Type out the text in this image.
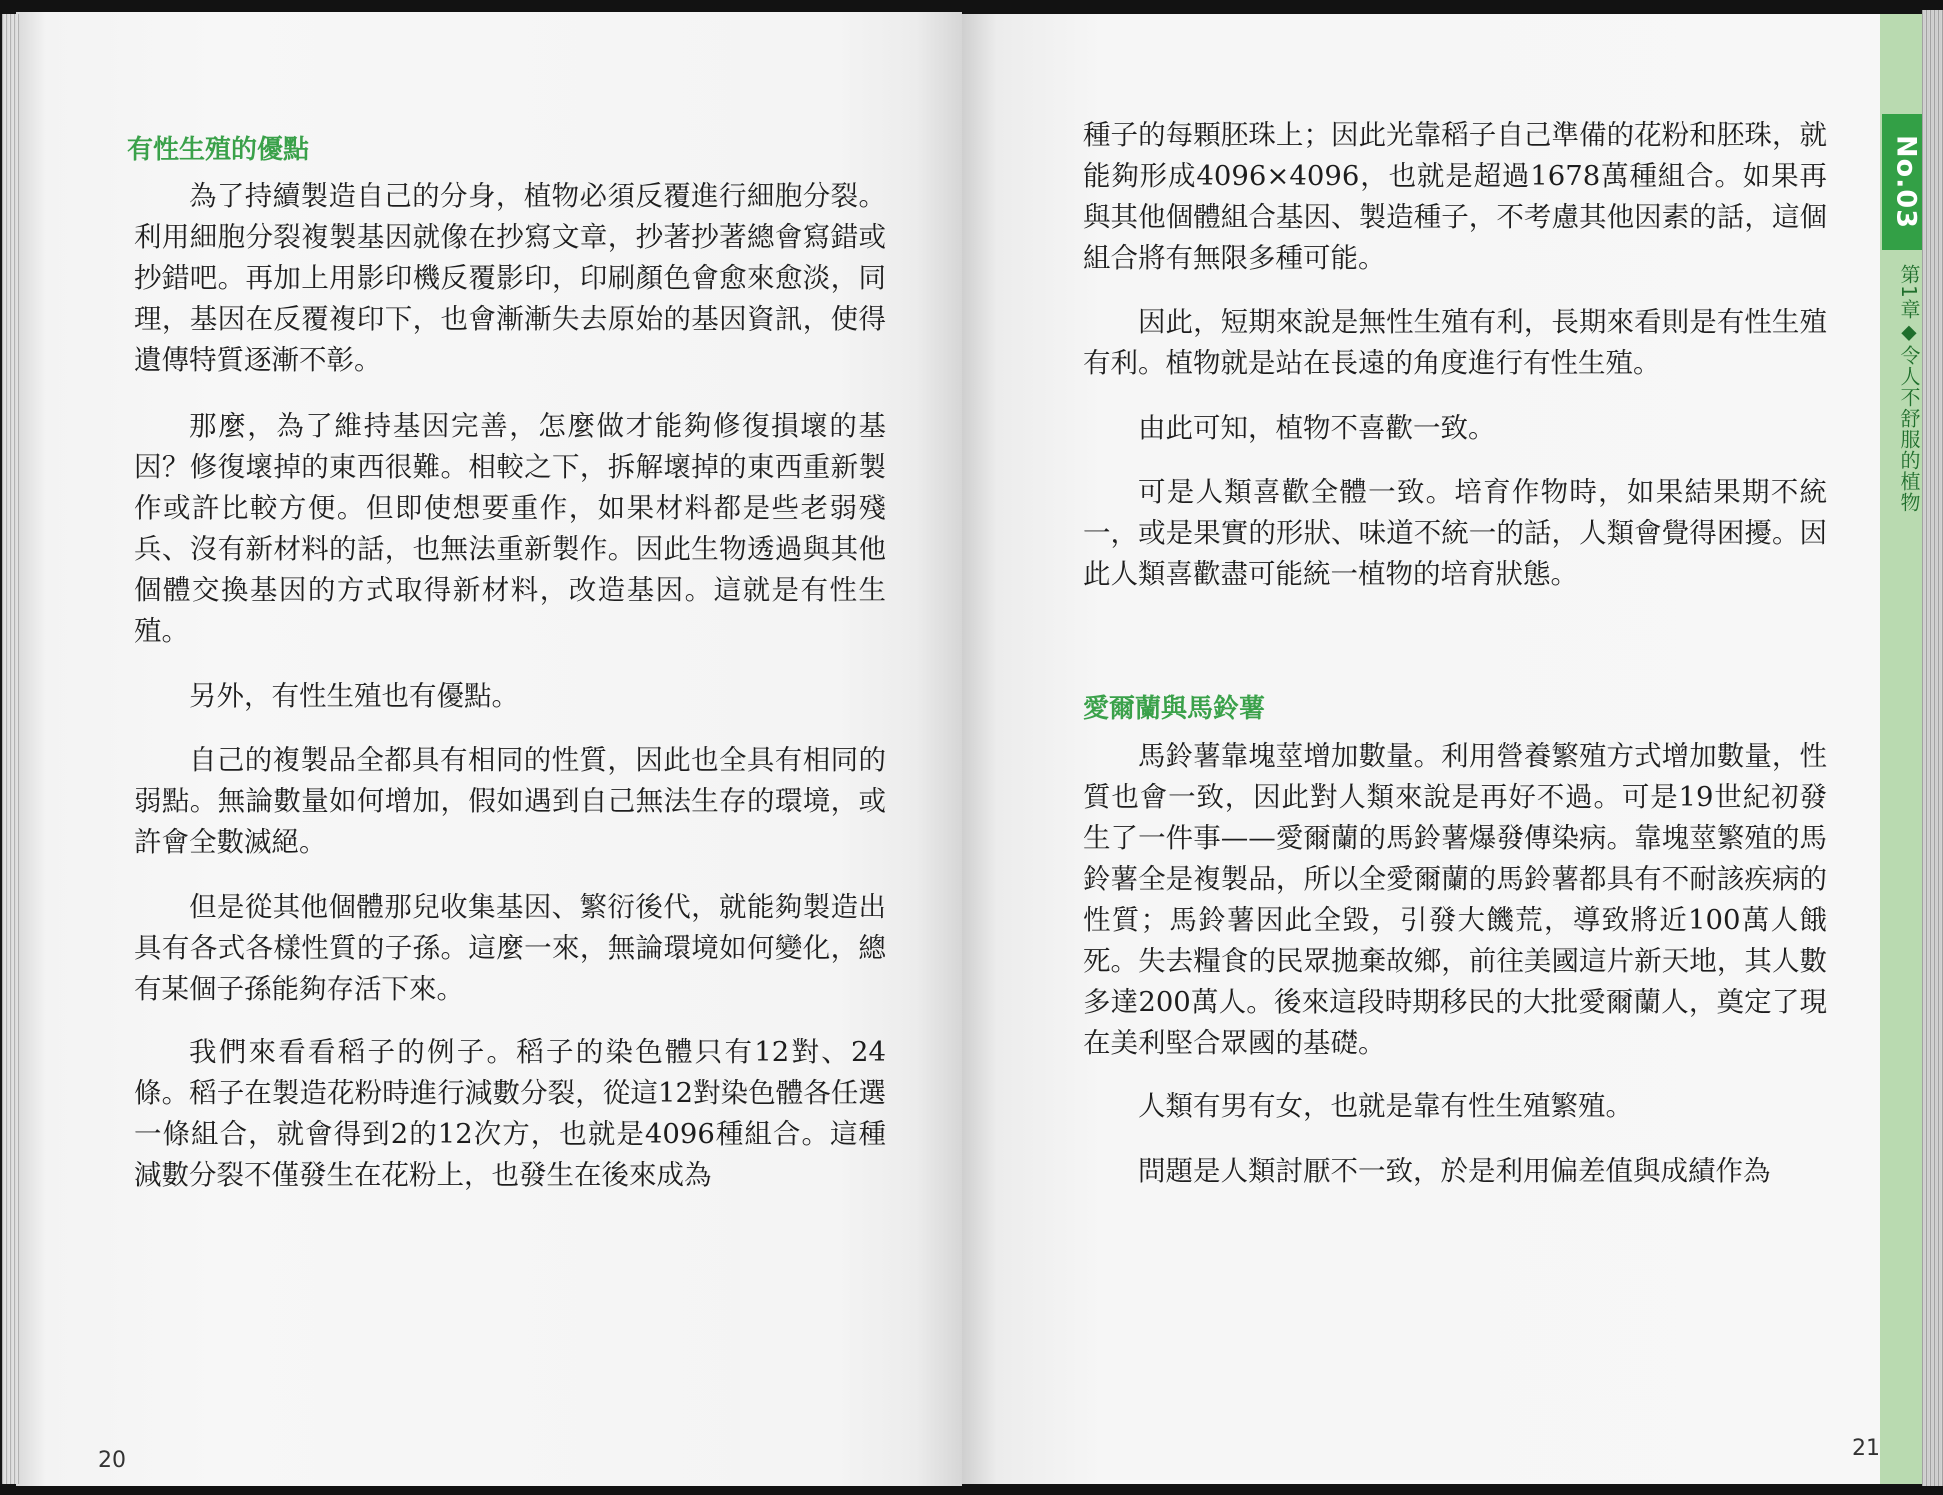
No.03
第1章◆令人不舒服的植物
有性生殖的優點

為了持續製造自己的分身，植物必須反覆進行細胞分裂。利用細胞分裂複製基因就像在抄寫文章，抄著抄著總會寫錯或抄錯吧。再加上用影印機反覆影印，印刷顏色會愈來愈淡，同理，基因在反覆複印下，也會漸漸失去原始的基因資訊，使得遺傳特質逐漸不彰。

那麼，為了維持基因完善，怎麼做才能夠修復損壞的基因？修復壞掉的東西很難。相較之下，拆解壞掉的東西重新製作或許比較方便。但即使想要重作，如果材料都是些老弱殘兵、沒有新材料的話，也無法重新製作。因此生物透過與其他個體交換基因的方式取得新材料，改造基因。這就是有性生殖。

另外，有性生殖也有優點。

自己的複製品全都具有相同的性質，因此也全具有相同的弱點。無論數量如何增加，假如遇到自己無法生存的環境，或許會全數滅絕。

但是從其他個體那兒收集基因、繁衍後代，就能夠製造出具有各式各樣性質的子孫。這麼一來，無論環境如何變化，總有某個子孫能夠存活下來。

我們來看看稻子的例子。稻子的染色體只有12對、24條。稻子在製造花粉時進行減數分裂，從這12對染色體各任選一條組合，就會得到2的12次方，也就是4096種組合。這種減數分裂不僅發生在花粉上，也發生在後來成為

20

種子的每顆胚珠上；因此光靠稻子自己準備的花粉和胚珠，就能夠形成4096×4096，也就是超過1678萬種組合。如果再與其他個體組合基因、製造種子，不考慮其他因素的話，這個組合將有無限多種可能。

因此，短期來說是無性生殖有利，長期來看則是有性生殖有利。植物就是站在長遠的角度進行有性生殖。

由此可知，植物不喜歡一致。

可是人類喜歡全體一致。培育作物時，如果結果期不統一，或是果實的形狀、味道不統一的話，人類會覺得困擾。因此人類喜歡盡可能統一植物的培育狀態。

愛爾蘭與馬鈴薯

馬鈴薯靠塊莖增加數量。利用營養繁殖方式增加數量，性質也會一致，因此對人類來說是再好不過。可是19世紀初發生了一件事——愛爾蘭的馬鈴薯爆發傳染病。靠塊莖繁殖的馬鈴薯全是複製品，所以全愛爾蘭的馬鈴薯都具有不耐該疾病的性質；馬鈴薯因此全毀，引發大饑荒，導致將近100萬人餓死。失去糧食的民眾拋棄故鄉，前往美國這片新天地，其人數多達200萬人。後來這段時期移民的大批愛爾蘭人，奠定了現在美利堅合眾國的基礎。

人類有男有女，也就是靠有性生殖繁殖。

問題是人類討厭不一致，於是利用偏差值與成績作為

21
